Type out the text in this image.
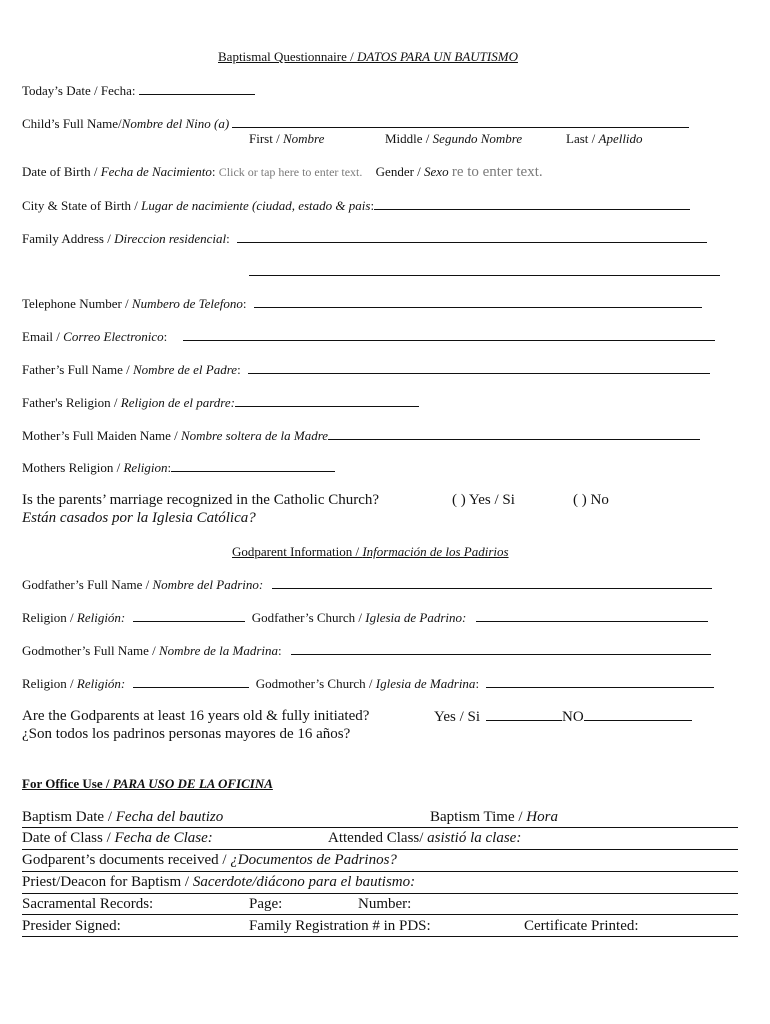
Baptismal Questionnaire / DATOS PARA UN BAUTISMO
Today’s Date / Fecha:
Child’s Full Name/Nombre del Nino (a)
First / Nombre	Middle / Segundo Nombre	Last / Apellido
Date of Birth / Fecha de Nacimiento: Click or tap here to enter text. Gender / Sexo re to enter text.
City & State of Birth / Lugar de nacimiente (ciudad, estado & pais:
Family Address / Direccion residencial:
Telephone Number / Numbero de Telefono:
Email / Correo Electronico:
Father’s Full Name / Nombre de el Padre:
Father's Religion / Religion de el pardre:
Mother’s Full Maiden Name / Nombre soltera de la Madre
Mothers Religion / Religion:
Is the parents’ marriage recognized in the Catholic Church?
Están casados por la Iglesia Católica?
( ) Yes / Si	( ) No
Godparent Information / Información de los Padirios
Godfather’s Full Name / Nombre del Padrino:
Religion / Religión:	Godfather’s Church / Iglesia de Padrino:
Godmother’s Full Name / Nombre de la Madrina:
Religion / Religión:	Godmother’s Church / Iglesia de Madrina:
Are the Godparents at least 16 years old & fully initiated?
¿Son todos los padrinos personas mayores de 16 años?
Yes / Si	NO
For Office Use / PARA USO DE LA OFICINA
Baptism Date / Fecha del bautizo	Baptism Time / Hora
Date of Class / Fecha de Clase:	Attended Class/ asistió la clase:
Godparent’s documents received / ¿Documentos de Padrinos?
Priest/Deacon for Baptism / Sacerdote/diácono para el bautismo:
Sacramental Records:	Page:	Number:
Presider Signed:	Family Registration # in PDS:	Certificate Printed:
